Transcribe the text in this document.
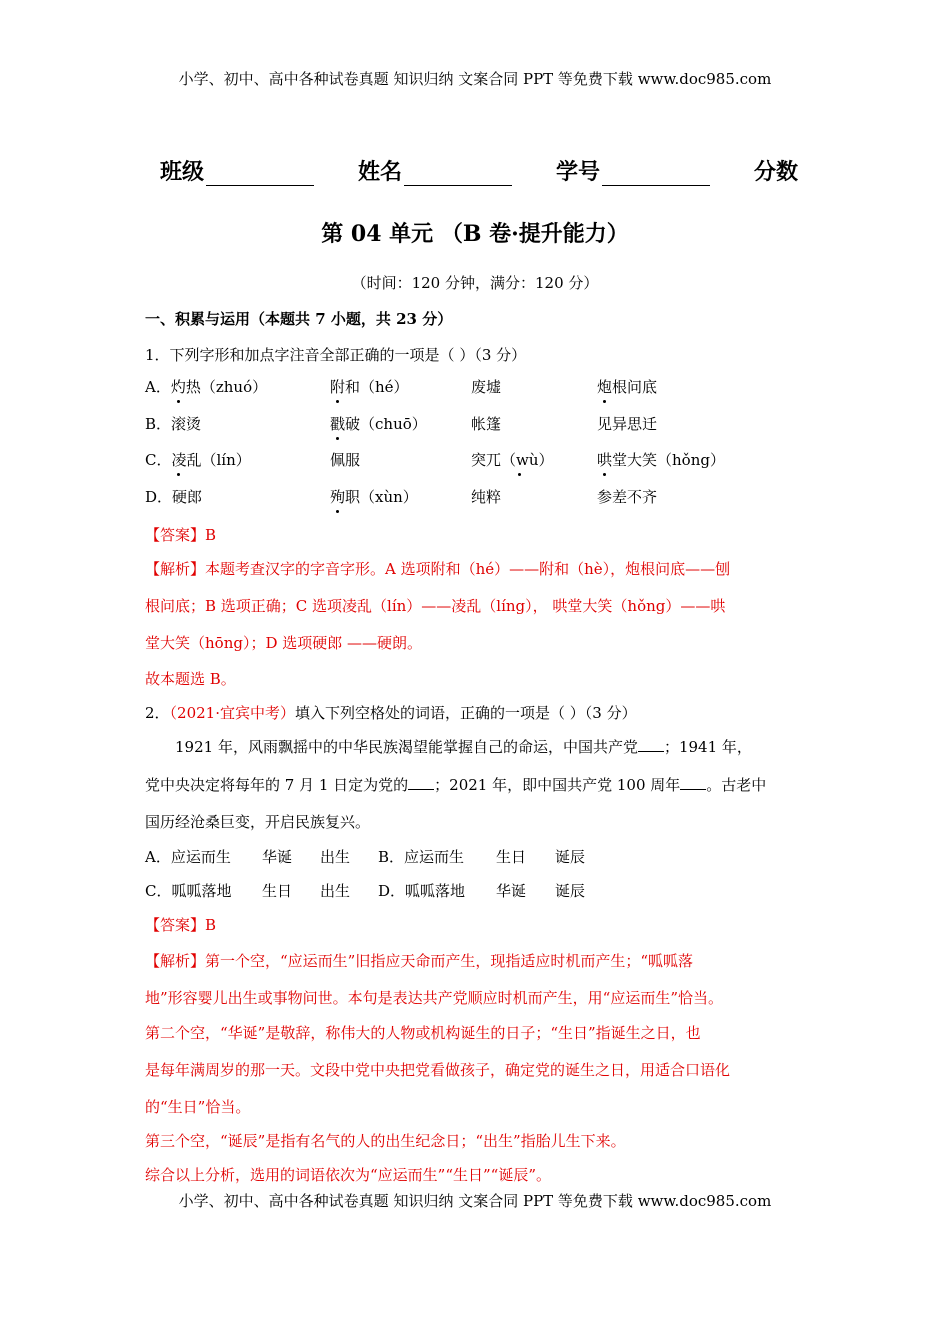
小学、初中、高中各种试卷真题 知识归纳 文案合同 PPT 等免费下载 www.doc985.com
班级	姓名	学号	分数
第 04 单元 （B 卷·提升能力）
（时间：120 分钟，满分：120 分）
一、积累与运用（本题共 7 小题，共 23 分）
1．下列字形和加点字注音全部正确的一项是（ ）（3 分）
A．灼热（zhuó）	附和（hé）	废墟	炮根问底
B．滚烫	戳破（chuō）	帐篷	见异思迁
C．凌乱（lín）	佩服	突兀（wù）	哄堂大笑（hǒng）
D．硬郎	殉职（xùn）	纯粹	参差不齐
【答案】B
【解析】本题考查汉字的字音字形。A 选项附和（hé）——附和（hè），炮根问底——刨
根问底；B 选项正确；C 选项凌乱（lín）——凌乱（líng）， 哄堂大笑（hǒng）——哄
堂大笑（hōng）；D 选项硬郎 ——硬朗。
故本题选 B。
2．（2021·宜宾中考）填入下列空格处的词语，正确的一项是（ ）（3 分）
1921 年，风雨飘摇中的中华民族渴望能掌握自己的命运，中国共产党 ；1941 年，
党中央决定将每年的 7 月 1 日定为党的 ；2021 年，即中国共产党 100 周年 。古老中
国历经沧桑巨变，开启民族复兴。
A．应运而生 华诞 出生 B．应运而生 生日 诞辰
C．呱呱落地 生日 出生 D．呱呱落地 华诞 诞辰
【答案】B
【解析】第一个空，“应运而生”旧指应天命而产生，现指适应时机而产生；“呱呱落
地”形容婴儿出生或事物问世。本句是表达共产党顺应时机而产生，用“应运而生”恰当。
第二个空，“华诞”是敬辞，称伟大的人物或机构诞生的日子；“生日”指诞生之日，也
是每年满周岁的那一天。文段中党中央把党看做孩子，确定党的诞生之日，用适合口语化
的“生日”恰当。
第三个空，“诞辰”是指有名气的人的出生纪念日；“出生”指胎儿生下来。
综合以上分析，选用的词语依次为“应运而生”“生日”“诞辰”。
小学、初中、高中各种试卷真题 知识归纳 文案合同 PPT 等免费下载 www.doc985.com
